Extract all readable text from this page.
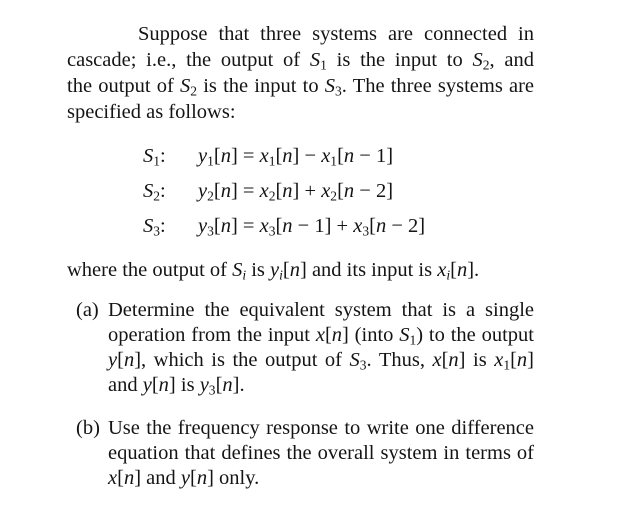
Suppose that three systems are connected in
cascade; i.e., the output of $S_1$ is the input to $S_2$, and
the output of $S_2$ is the input to $S_3$. The three systems are
specified as follows:
$S_1$: $y_1[n] = x_1[n] - x_1[n - 1]$
$S_2$: $y_2[n] = x_2[n] + x_2[n - 2]$
$S_3$: $y_3[n] = x_3[n - 1] + x_3[n - 2]$
where the output of $S_i$ is $y_i[n]$ and its input is $x_i[n]$.
(a) Determine the equivalent system that is a single
operation from the input x[n] (into $S_1$) to the output
y[n], which is the output of $S_3$. Thus, x[n] is $x_1[n]$
and y[n] is $y_3[n]$.
(b) Use the frequency response to write one difference
equation that defines the overall system in terms of
x[n] and y[n] only.
